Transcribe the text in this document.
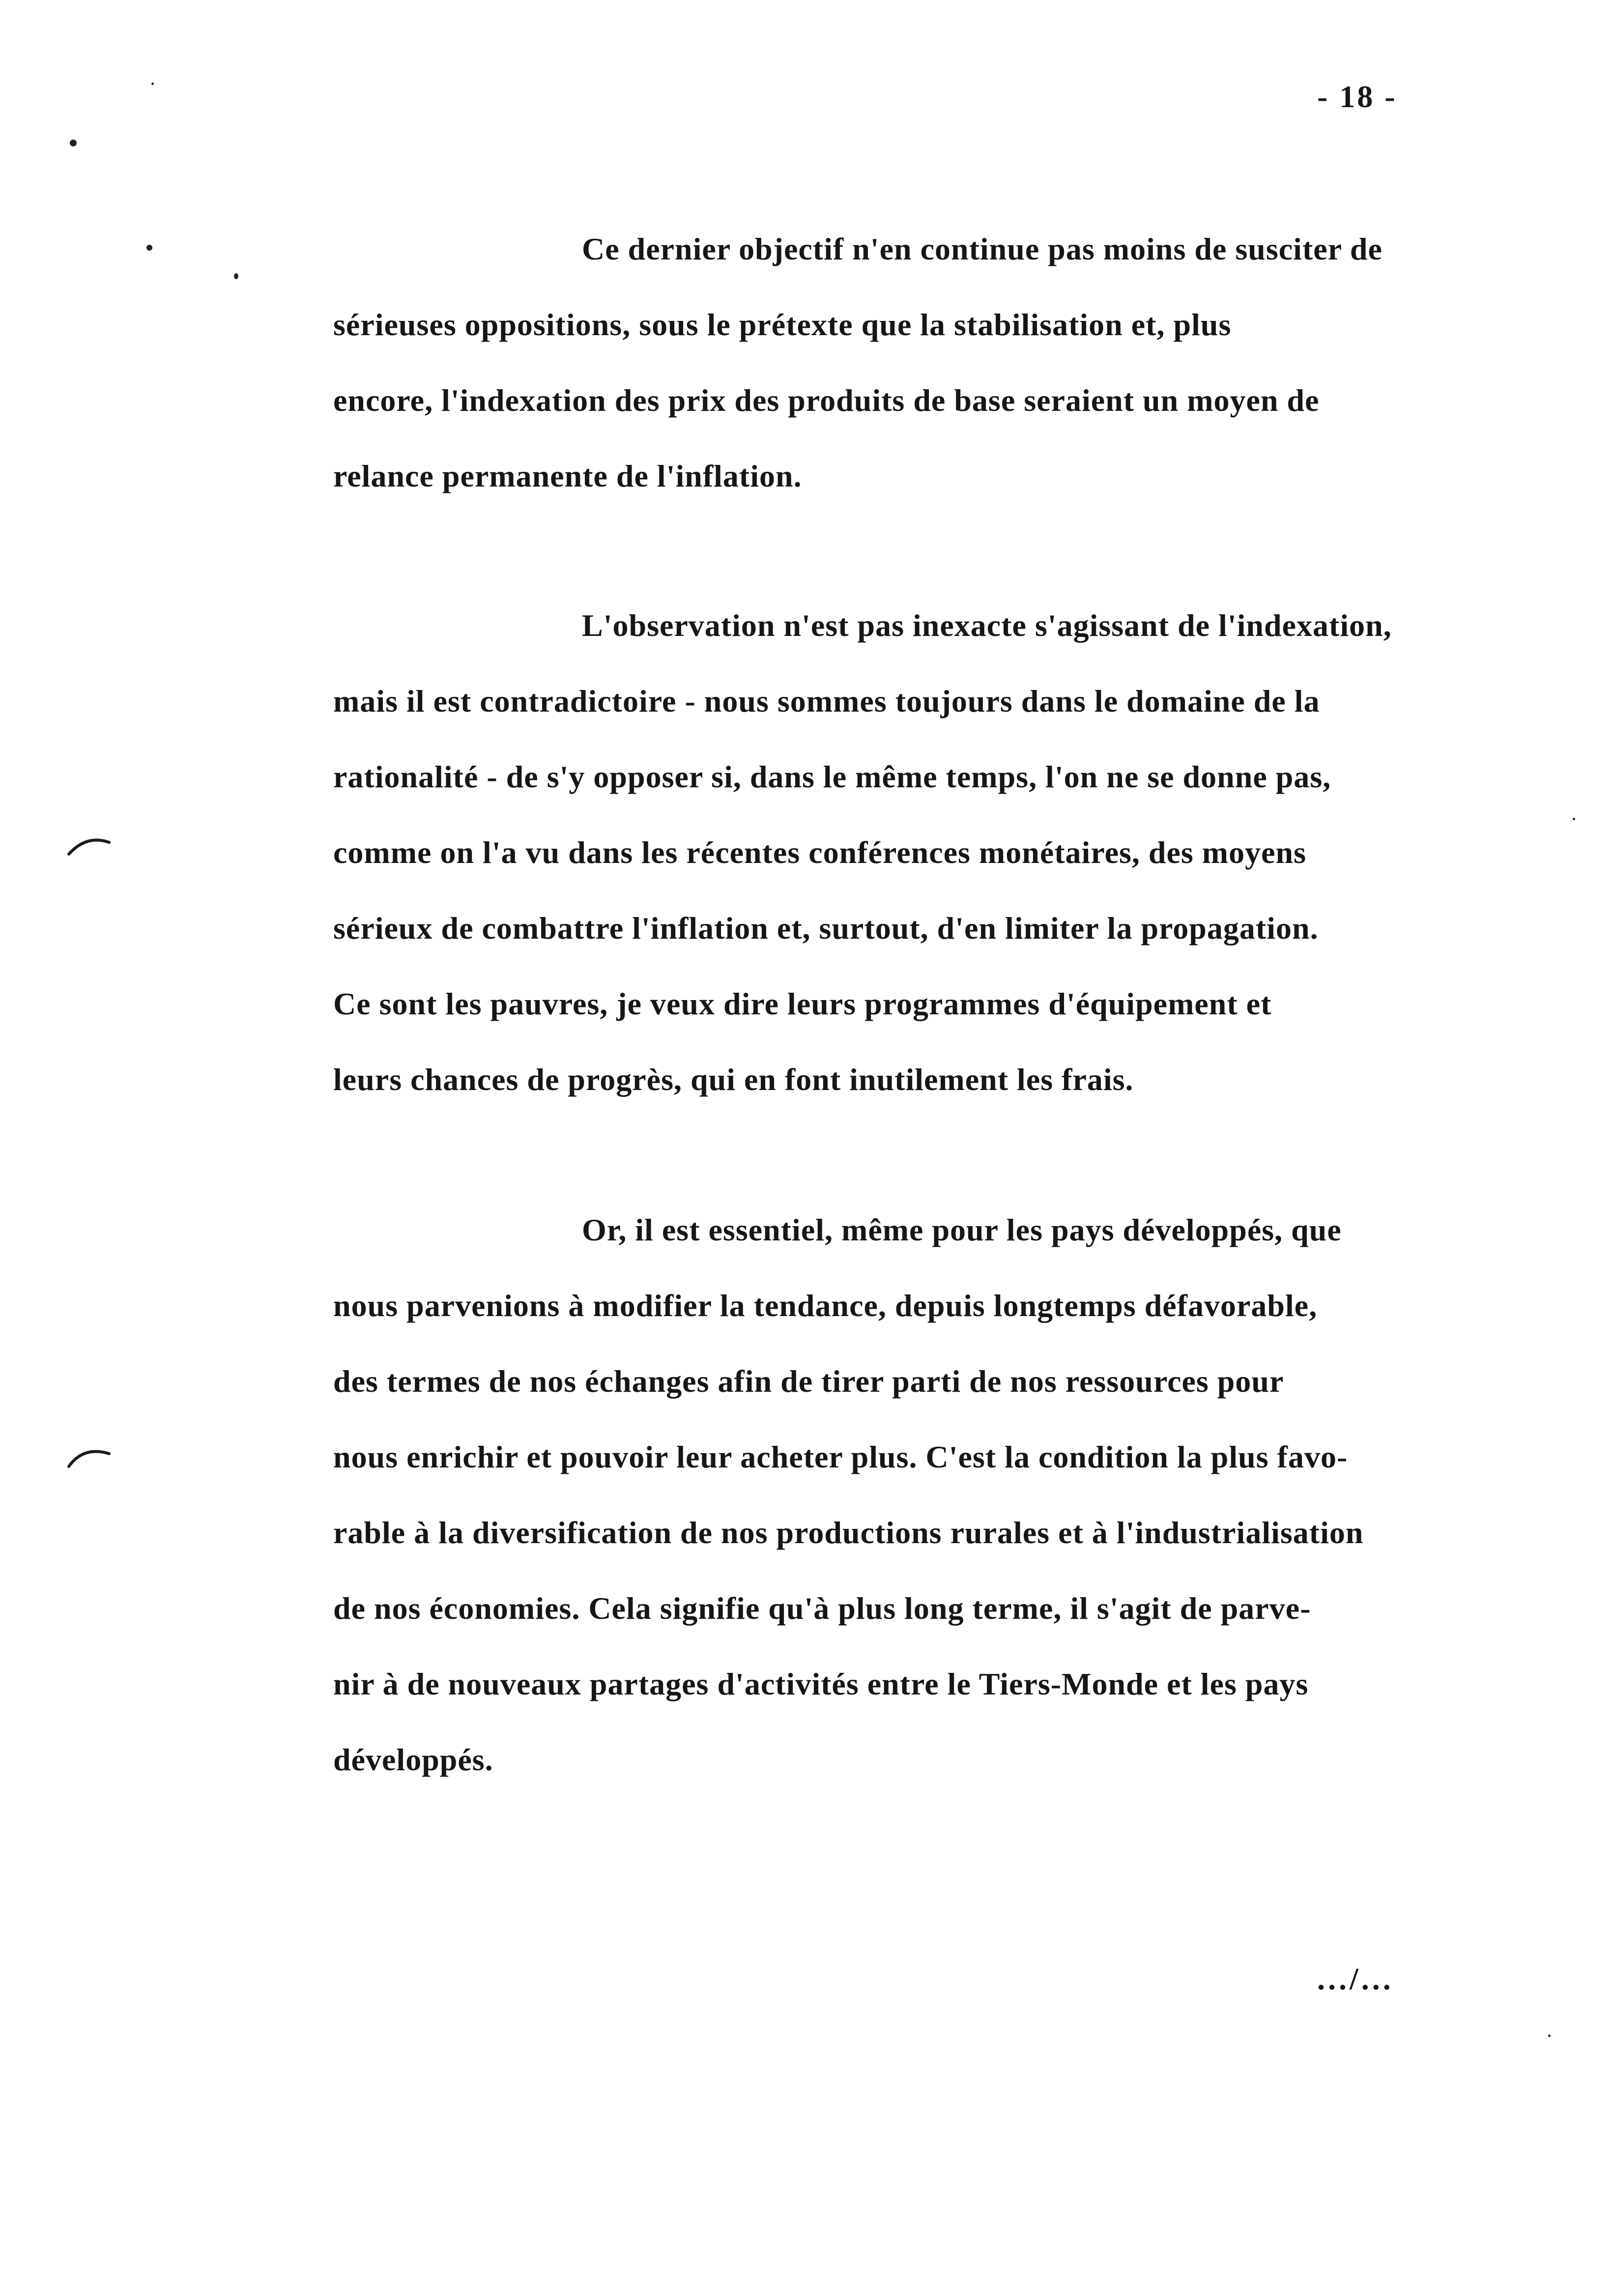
- 18 -
Ce dernier objectif n'en continue pas moins de susciter de
sérieuses oppositions, sous le prétexte que la stabilisation et, plus
encore, l'indexation des prix des produits de base seraient un moyen de
relance permanente de l'inflation.
L'observation n'est pas inexacte s'agissant de l'indexation,
mais il est contradictoire - nous sommes toujours dans le domaine de la
rationalité - de s'y opposer si, dans le même temps, l'on ne se donne pas,
comme on l'a vu dans les récentes conférences monétaires, des moyens
sérieux de combattre l'inflation et, surtout, d'en limiter la propagation.
Ce sont les pauvres, je veux dire leurs programmes d'équipement et
leurs chances de progrès, qui en font inutilement les frais.
Or, il est essentiel, même pour les pays développés, que
nous parvenions à modifier la tendance, depuis longtemps défavorable,
des termes de nos échanges afin de tirer parti de nos ressources pour
nous enrichir et pouvoir leur acheter plus. C'est la condition la plus favo-
rable à la diversification de nos productions rurales et à l'industrialisation
de nos économies. Cela signifie qu'à plus long terme, il s'agit de parve-
nir à de nouveaux partages d'activités entre le Tiers-Monde et les pays
développés.
.../...
